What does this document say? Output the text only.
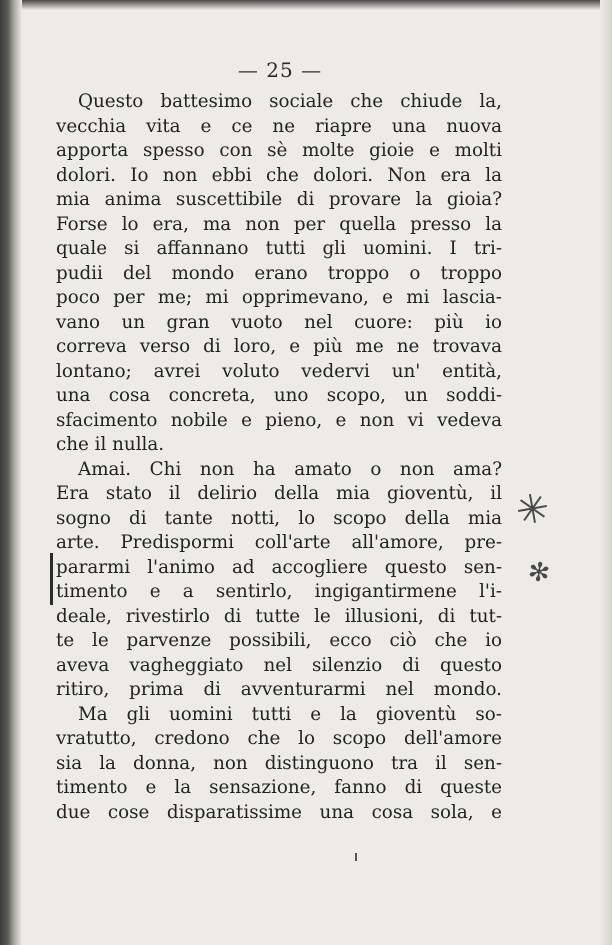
— 25 —
Questo battesimo sociale che chiude la,
vecchia vita e ce ne riapre una nuova
apporta spesso con sè molte gioie e molti
dolori. Io non ebbi che dolori. Non era la
mia anima suscettibile di provare la gioia?
Forse lo era, ma non per quella presso la
quale si affannano tutti gli uomini. I tri-
pudii del mondo erano troppo o troppo
poco per me; mi opprimevano, e mi lascia-
vano un gran vuoto nel cuore: più io
correva verso di loro, e più me ne trovava
lontano; avrei voluto vedervi un' entità,
una cosa concreta, uno scopo, un soddi-
sfacimento nobile e pieno, e non vi vedeva
che il nulla.
Amai. Chi non ha amato o non ama?
Era stato il delirio della mia gioventù, il
sogno di tante notti, lo scopo della mia
arte. Predispormi coll'arte all'amore, pre-
pararmi l'animo ad accogliere questo sen-
timento e a sentirlo, ingigantirmene l'i-
deale, rivestirlo di tutte le illusioni, di tut-
te le parvenze possibili, ecco ciò che io
aveva vagheggiato nel silenzio di questo
ritiro, prima di avventurarmi nel mondo.
Ma gli uomini tutti e la gioventù so-
vratutto, credono che lo scopo dell'amore
sia la donna, non distinguono tra il sen-
timento e la sensazione, fanno di queste
due cose disparatissime una cosa sola, e
✳
✻
